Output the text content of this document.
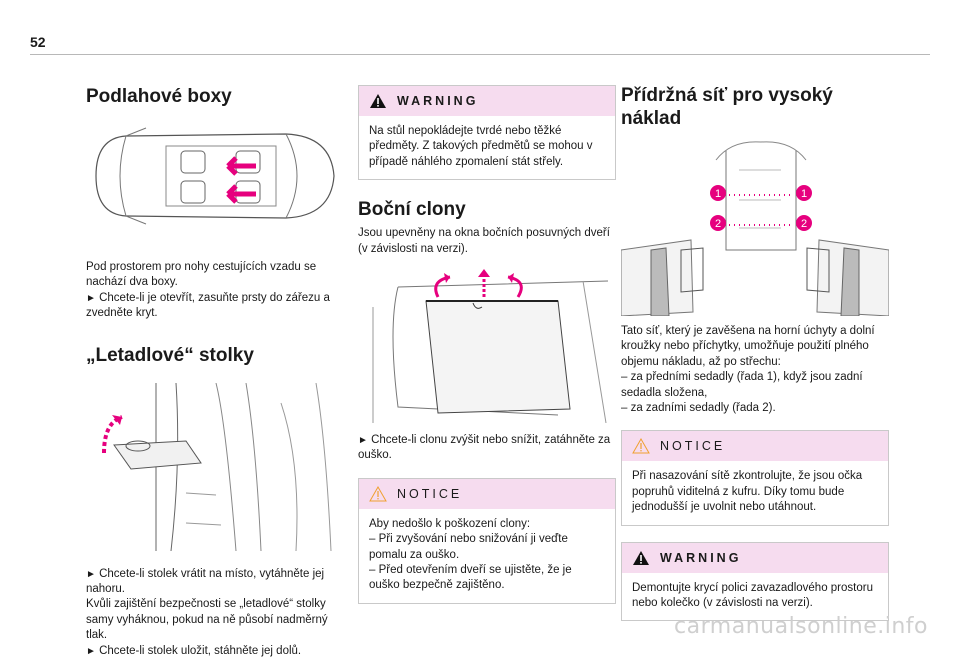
52
Podlahové boxy

Pod prostorem pro nohy cestujících vzadu se
nachází dva boxy.

► Chcete-li je otevřít, zasuňte prsty do zářezu a zvedněte kryt.

„Letadlové“ stolky

► Chcete-li stolek vrátit na místo, vytáhněte jej nahoru.

Kvůli zajištění bezpečnosti se „letadlové“ stolky samy vyháknou, pokud na ně působí nadměrný tlak.

► Chcete-li stolek uložit, stáhněte jej dolů.

WARNING
Na stůl nepokládejte tvrdé nebo těžké předměty. Z takových předmětů se mohou v případě náhlého zpomalení stát střely.
Boční clony

Jsou upevněny na okna bočních posuvných dveří (v závislosti na verzi).

► Chcete-li clonu zvýšit nebo snížit, zatáhněte za ouško.

NOTICE
Aby nedošlo k poškození clony:
– Při zvyšování nebo snižování ji veďte pomalu za ouško.
– Před otevřením dveří se ujistěte, že je ouško bezpečně zajištěno.
Přídržná síť pro vysoký
náklad
1	1
2	2

Tato síť, který je zavěšena na horní úchyty a dolní kroužky nebo příchytky, umožňuje použití plného objemu nákladu, až po střechu:

– za předními sedadly (řada 1), když jsou zadní sedadla složena,

– za zadními sedadly (řada 2).

NOTICE
Při nasazování sítě zkontrolujte, že jsou očka popruhů viditelná z kufru. Díky tomu bude jednodušší je uvolnit nebo utáhnout.
WARNING
Demontujte krycí polici zavazadlového prostoru nebo kolečko (v závislosti na verzi).
carmanualsonline.info
